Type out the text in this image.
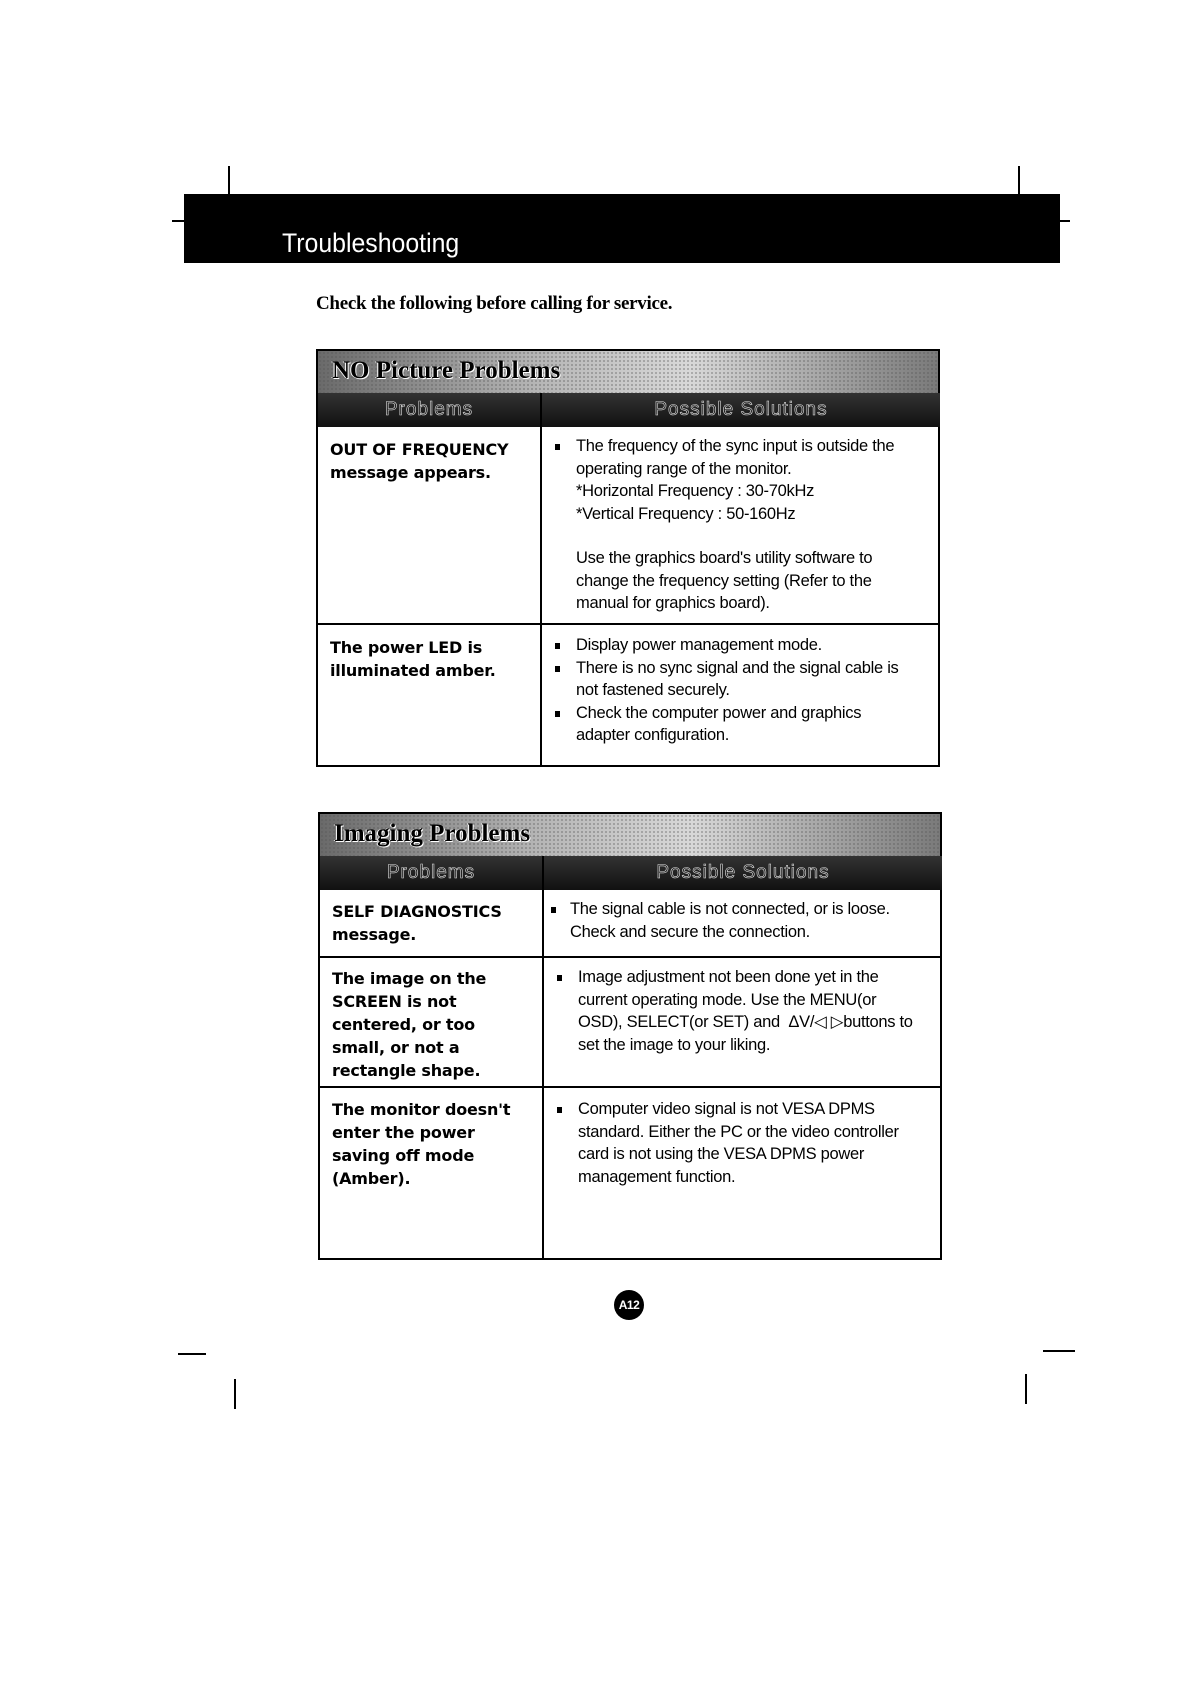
Troubleshooting
Check the following before calling for service.
NO Picture Problems
Problems	Possible Solutions
OUT OF FREQUENCY
message appears.
The frequency of the sync input is outside the
operating range of the monitor.
*Horizontal Frequency : 30-70kHz
*Vertical Frequency : 50-160Hz
Use the graphics board's utility software to
change the frequency setting (Refer to the
manual for graphics board).
The power LED is
illuminated amber.
Display power management mode.
There is no sync signal and the signal cable is
not fastened securely.
Check the computer power and graphics
adapter configuration.
Imaging Problems
Problems	Possible Solutions
SELF DIAGNOSTICS
message.
The signal cable is not connected, or is loose.
Check and secure the connection.
The image on the
SCREEN is not
centered, or too
small, or not a
rectangle shape.
Image adjustment not been done yet in the
current operating mode. Use the MENU(or
OSD), SELECT(or SET) and  ΔV/◁ ▷buttons to
set the image to your liking.
The monitor doesn't
enter the power
saving off mode
(Amber).
Computer video signal is not VESA DPMS
standard. Either the PC or the video controller
card is not using the VESA DPMS power
management function.
A12
